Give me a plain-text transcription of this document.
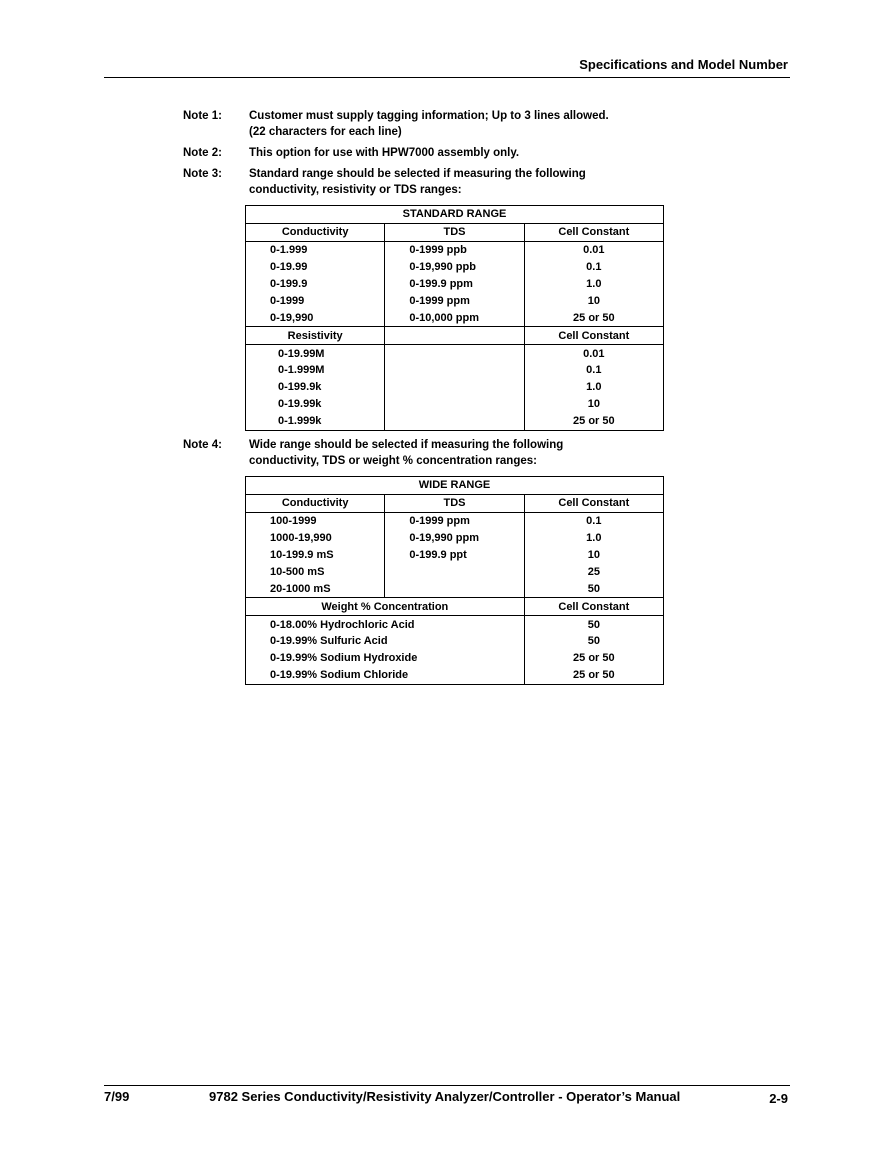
Specifications and Model Number
Note 1:	Customer must supply tagging information; Up to 3 lines allowed.
(22 characters for each line)
Note 2:	This option for use with HPW7000 assembly only.
Note 3:	Standard range should be selected if measuring the following
conductivity, resistivity or TDS ranges:
STANDARD RANGE		
Conductivity	TDS	Cell Constant
0-1.999	0-1999 ppb	0.01
0-19.99	0-19,990 ppb	0.1
0-199.9	0-199.9 ppm	1.0
0-1999	0-1999 ppm	10
0-19,990	0-10,000 ppm	25 or 50
Resistivity		Cell Constant
0-19.99M		0.01
0-1.999M		0.1
0-199.9k		1.0
0-19.99k		10
0-1.999k		25 or 50
Note 4:	Wide range should be selected if measuring the following
conductivity, TDS or weight % concentration ranges:
WIDE RANGE		
Conductivity	TDS	Cell Constant
100-1999	0-1999 ppm	0.1
1000-19,990	0-19,990 ppm	1.0
10-199.9 mS	0-199.9 ppt	10
10-500 mS		25
20-1000 mS		50
Weight % Concentration		Cell Constant
0-18.00% Hydrochloric Acid		50
0-19.99% Sulfuric Acid		50
0-19.99% Sodium Hydroxide		25 or 50
0-19.99% Sodium Chloride		25 or 50
7/99	9782 Series Conductivity/Resistivity Analyzer/Controller - Operator’s Manual	2-9
